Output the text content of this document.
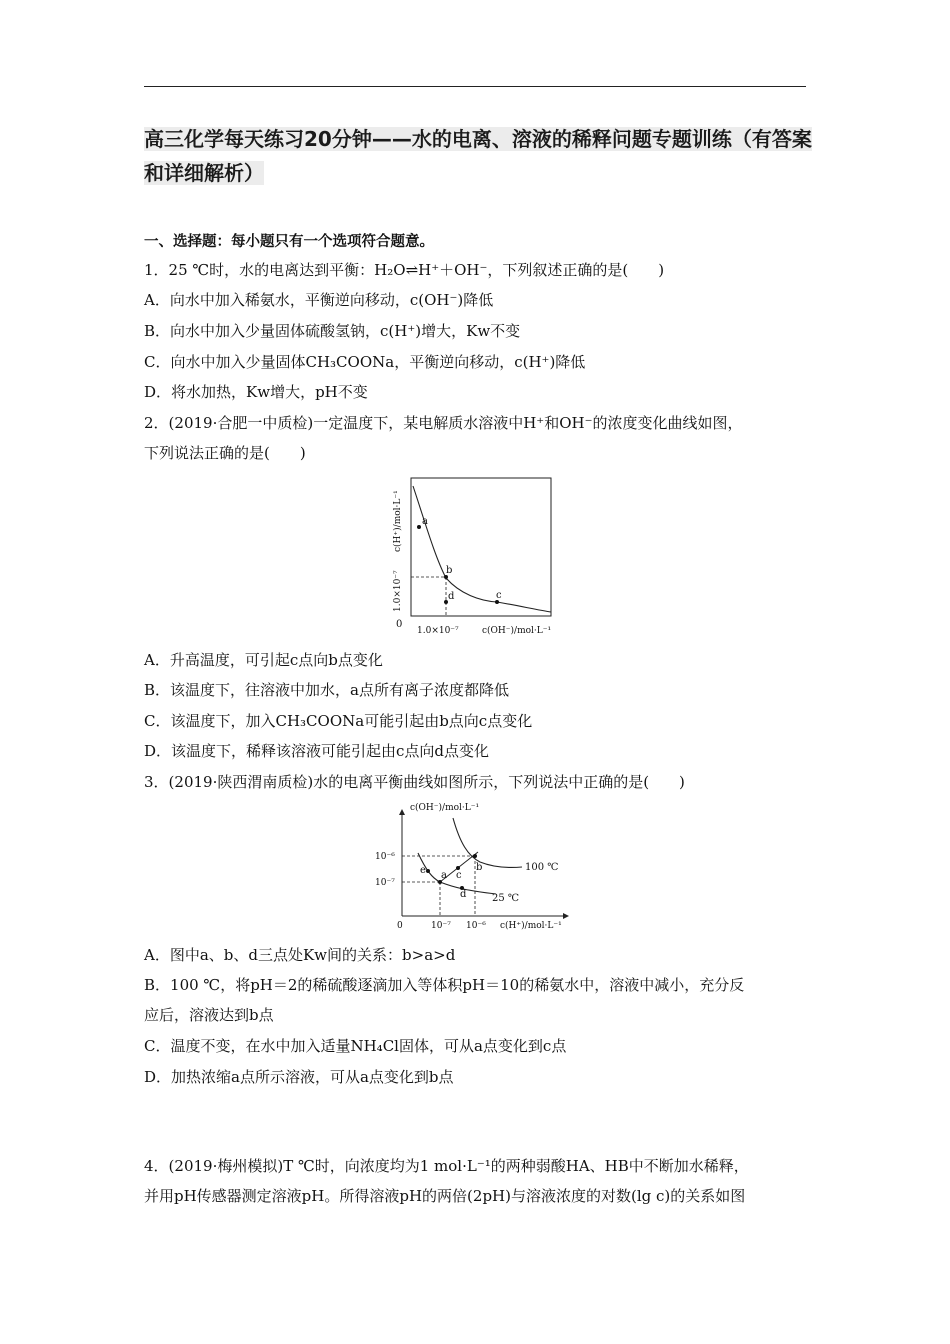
高三化学每天练习20分钟——水的电离、溶液的稀释问题专题训练（有答案和详细解析）
一、选择题：每小题只有一个选项符合题意。
1．25 ℃时，水的电离达到平衡：H₂O⇌H⁺＋OH⁻，下列叙述正确的是(　　)
A．向水中加入稀氨水，平衡逆向移动，c(OH⁻)降低
B．向水中加入少量固体硫酸氢钠，c(H⁺)增大，Kw不变
C．向水中加入少量固体CH₃COONa，平衡逆向移动，c(H⁺)降低
D．将水加热，Kw增大，pH不变
2．(2019·合肥一中质检)一定温度下，某电解质水溶液中H⁺和OH⁻的浓度变化曲线如图，
下列说法正确的是(　　)
a
b
d	c
0
1.0×10⁻⁷	c(OH⁻)/mol·L⁻¹
c(H⁺)/mol·L⁻¹
1.0×10⁻⁷
A．升高温度，可引起c点向b点变化
B．该温度下，往溶液中加水，a点所有离子浓度都降低
C．该温度下，加入CH₃COONa可能引起由b点向c点变化
D．该温度下，稀释该溶液可能引起由c点向d点变化
3．(2019·陕西渭南质检)水的电离平衡曲线如图所示，下列说法中正确的是(　　)
a
b
c
d
e	100 ℃
25 ℃
c(OH⁻)/mol·L⁻¹
10⁻⁶
10⁻⁷
0	10⁻⁷ 10⁻⁶ c(H⁺)/mol·L⁻¹
A．图中a、b、d三点处Kw间的关系：b>a>d
B．100 ℃，将pH＝2的稀硫酸逐滴加入等体积pH＝10的稀氨水中，溶液中减小，充分反
应后，溶液达到b点
C．温度不变，在水中加入适量NH₄Cl固体，可从a点变化到c点
D．加热浓缩a点所示溶液，可从a点变化到b点
4．(2019·梅州模拟)T ℃时，向浓度均为1 mol·L⁻¹的两种弱酸HA、HB中不断加水稀释，
并用pH传感器测定溶液pH。所得溶液pH的两倍(2pH)与溶液浓度的对数(lg c)的关系如图
